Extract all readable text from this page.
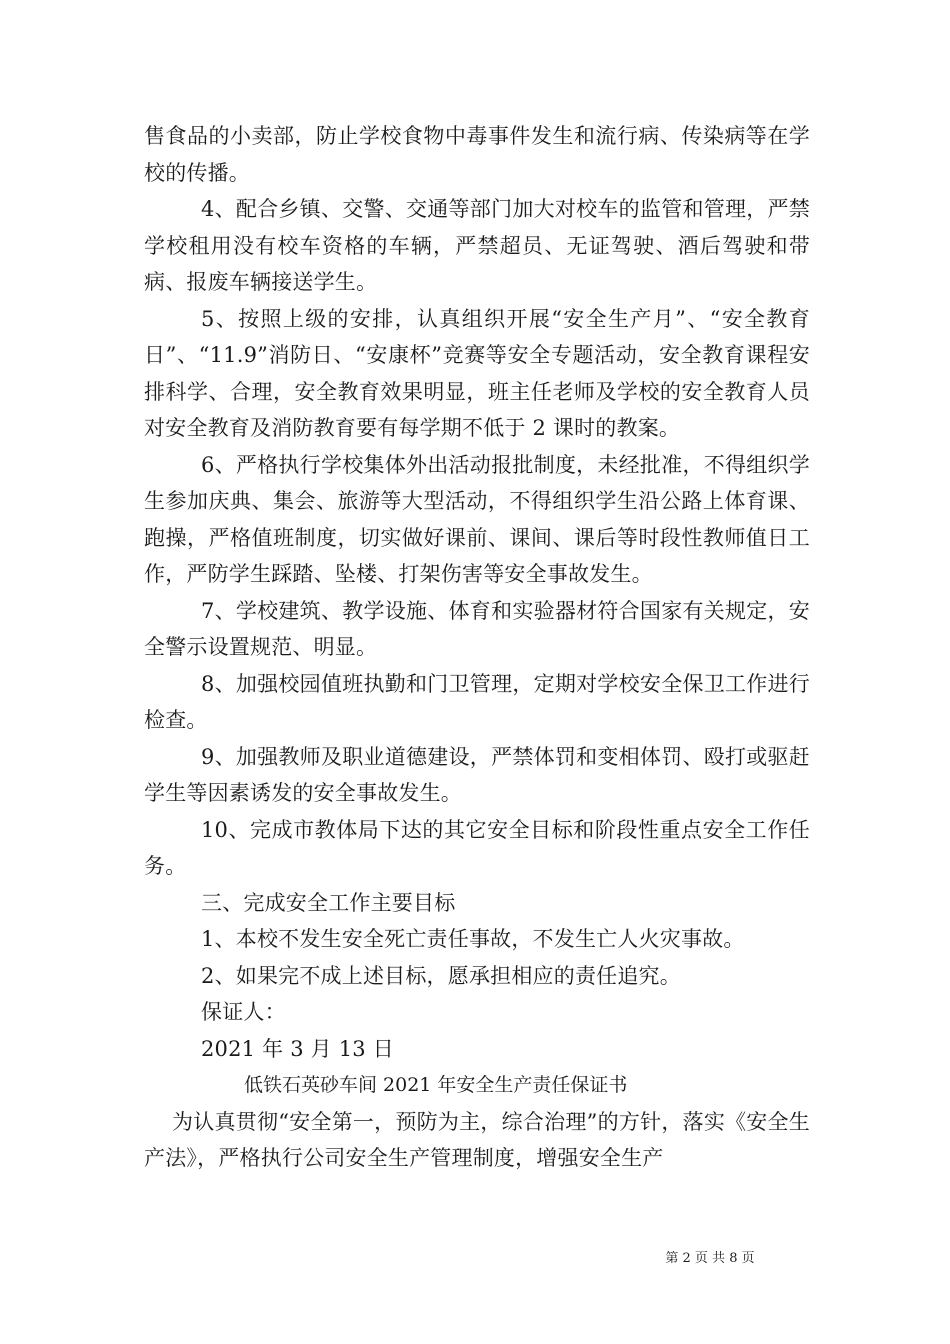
售食品的小卖部，防止学校食物中毒事件发生和流行病、传染病等在学校的传播。

4、配合乡镇、交警、交通等部门加大对校车的监管和管理，严禁学校租用没有校车资格的车辆，严禁超员、无证驾驶、酒后驾驶和带病、报废车辆接送学生。

5、按照上级的安排，认真组织开展“安全生产月”、“安全教育日”、“11.9”消防日、“安康杯”竞赛等安全专题活动，安全教育课程安排科学、合理，安全教育效果明显，班主任老师及学校的安全教育人员对安全教育及消防教育要有每学期不低于 2 课时的教案。

6、严格执行学校集体外出活动报批制度，未经批准，不得组织学生参加庆典、集会、旅游等大型活动，不得组织学生沿公路上体育课、跑操，严格值班制度，切实做好课前、课间、课后等时段性教师值日工作，严防学生踩踏、坠楼、打架伤害等安全事故发生。

7、学校建筑、教学设施、体育和实验器材符合国家有关规定，安全警示设置规范、明显。

8、加强校园值班执勤和门卫管理，定期对学校安全保卫工作进行检查。

9、加强教师及职业道德建设，严禁体罚和变相体罚、殴打或驱赶学生等因素诱发的安全事故发生。

10、完成市教体局下达的其它安全目标和阶段性重点安全工作任务。

三、完成安全工作主要目标

1、本校不发生安全死亡责任事故，不发生亡人火灾事故。

2、如果完不成上述目标，愿承担相应的责任追究。

保证人：

2021 年 3 月 13 日

低铁石英砂车间 2021 年安全生产责任保证书

为认真贯彻“安全第一，预防为主，综合治理”的方针，落实《安全生产法》，严格执行公司安全生产管理制度，增强安全生产

第 2 页 共 8 页
